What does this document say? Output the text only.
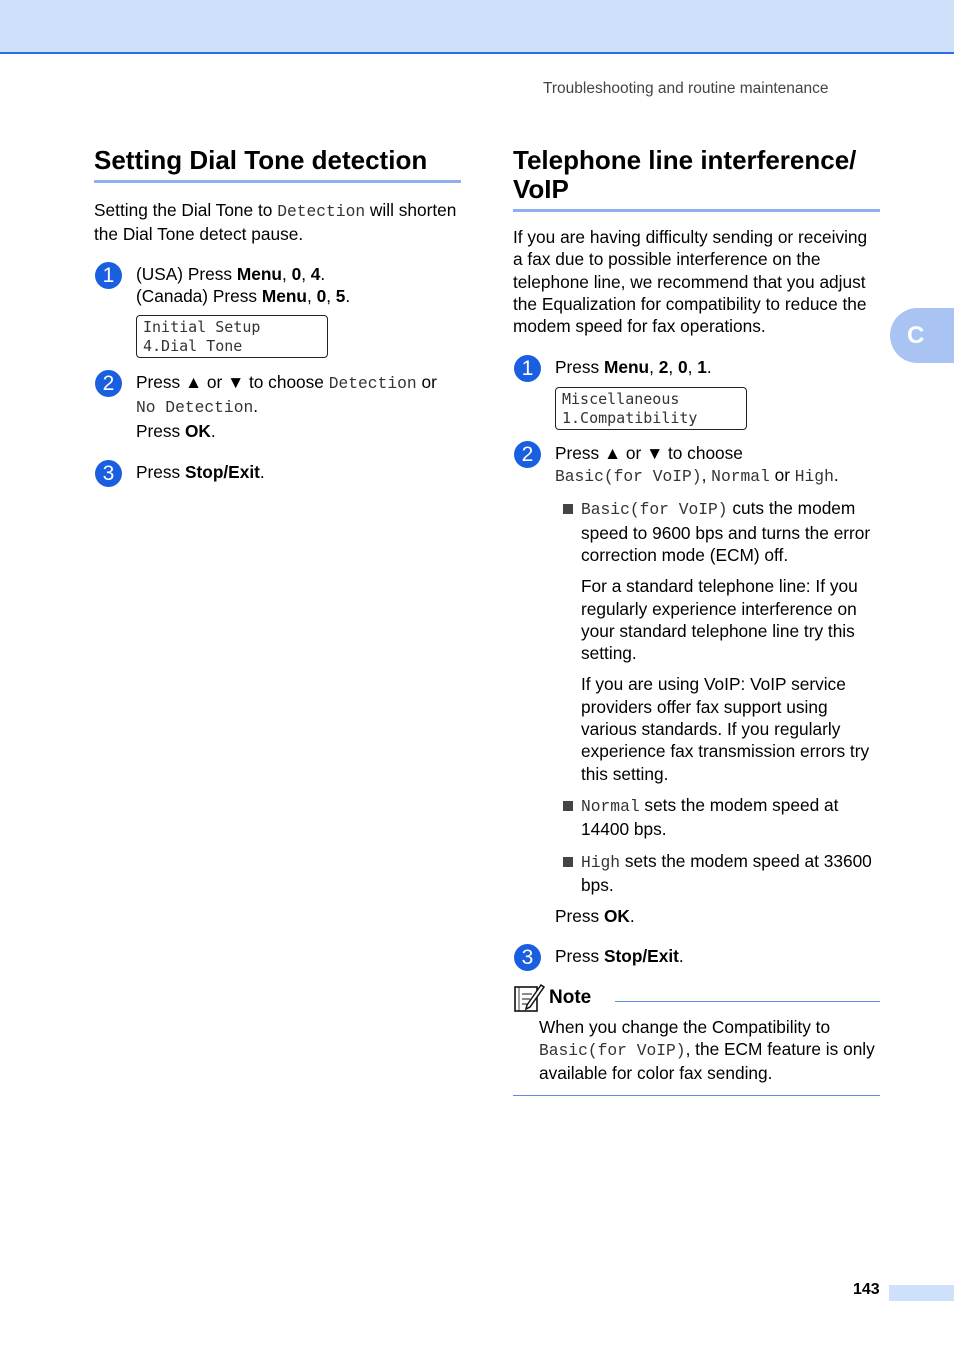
Troubleshooting and routine maintenance
C
Setting Dial Tone detection

Setting the Dial Tone to Detection will shorten the Dial Tone detect pause.

1	(USA) Press Menu, 0, 4.

(Canada) Press Menu, 0, 5.

Initial Setup
4.Dial Tone
2	Press ▲ or ▼ to choose Detection or
No Detection.

Press OK.

3	Press Stop/Exit.

Telephone line interference/
VoIP

If you are having difficulty sending or receiving a fax due to possible interference on the telephone line, we recommend that you adjust the Equalization for compatibility to reduce the modem speed for fax operations.

1	Press Menu, 2, 0, 1.

Miscellaneous
1.Compatibility
2	Press ▲ or ▼ to choose
Basic(for VoIP), Normal or High.

Basic(for VoIP) cuts the modem speed to 9600 bps and turns the error correction mode (ECM) off.

For a standard telephone line: If you regularly experience interference on your standard telephone line try this setting.

If you are using VoIP: VoIP service providers offer fax support using various standards. If you regularly experience fax transmission errors try this setting.

Normal sets the modem speed at 14400 bps.

High sets the modem speed at 33600 bps.

Press OK.

3	Press Stop/Exit.

Note

When you change the Compatibility to
Basic(for VoIP), the ECM feature is only available for color fax sending.

143
